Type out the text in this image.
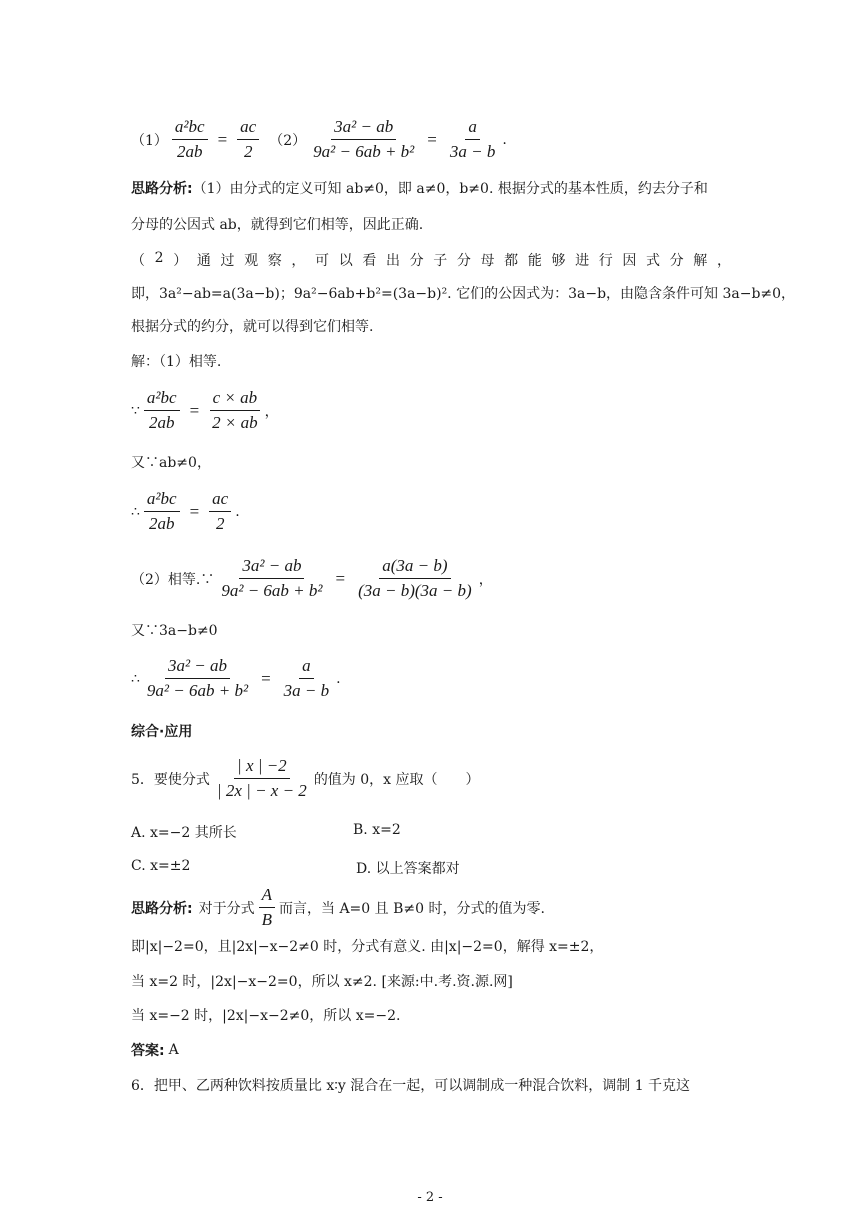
$(1) \frac{\text{a²bc}}{2ab} = \frac{ac}{2} (2) \frac{\text{3a² − ab}}{\text{9a² − 6ab + b²}} = \frac{a}{3a - b}$ .
思路分析: （1）由分式的定义可知 ab≠0，即 a≠0，b≠0. 根据分式的基本性质，约去分子和
分母的公因式 ab，就得到它们相等，因此正确.
（ 2 ） 通 过 观 察 ， 可 以 看 出 分 子 分 母 都 能 够 进 行 因 式 分 解 ，
即，3a²−ab=a(3a−b)；9a²−6ab+b²=(3a−b)². 它们的公因式为：3a−b，由隐含条件可知 3a−b≠0，
根据分式的约分，就可以得到它们相等.
解：（1）相等.
∵ $\frac{\text{a²bc}}{2ab} = \frac{c \times ab}{2 \times ab}$ ，
又∵ab≠0，
∴ $\frac{\text{a²bc}}{2ab} = \frac{ac}{2}$ .
（2）相等.∵ $\frac{\text{3a² − ab}}{\text{9a² − 6ab + b²}} = \frac{a(3a - b)}{(3a - b)(3a - b)}$ ，
又∵3a−b≠0
∴ $\frac{\text{3a² − ab}}{\text{9a² − 6ab + b²}} = \frac{a}{3a - b}$ .
综合·应用
5．要使分式 $\frac{| x | -2}{| 2x | - x - 2}$ 的值为 0，x 应取（　　）
A. x=−2 其所长	B. x=2
C. x=±2	D. 以上答案都对
思路分析: 对于分式 $\frac{A}{B}$ 而言，当 A=0 且 B≠0 时，分式的值为零.
即|x|−2=0，且|2x|−x−2≠0 时，分式有意义. 由|x|−2=0，解得 x=±2，
当 x=2 时，|2x|−x−2=0，所以 x≠2. [来源:中.考.资.源.网]
当 x=−2 时，|2x|−x−2≠0，所以 x=−2.
答案: A
6．把甲、乙两种饮料按质量比 x∶y 混合在一起，可以调制成一种混合饮料，调制 1 千克这
- 2 -
